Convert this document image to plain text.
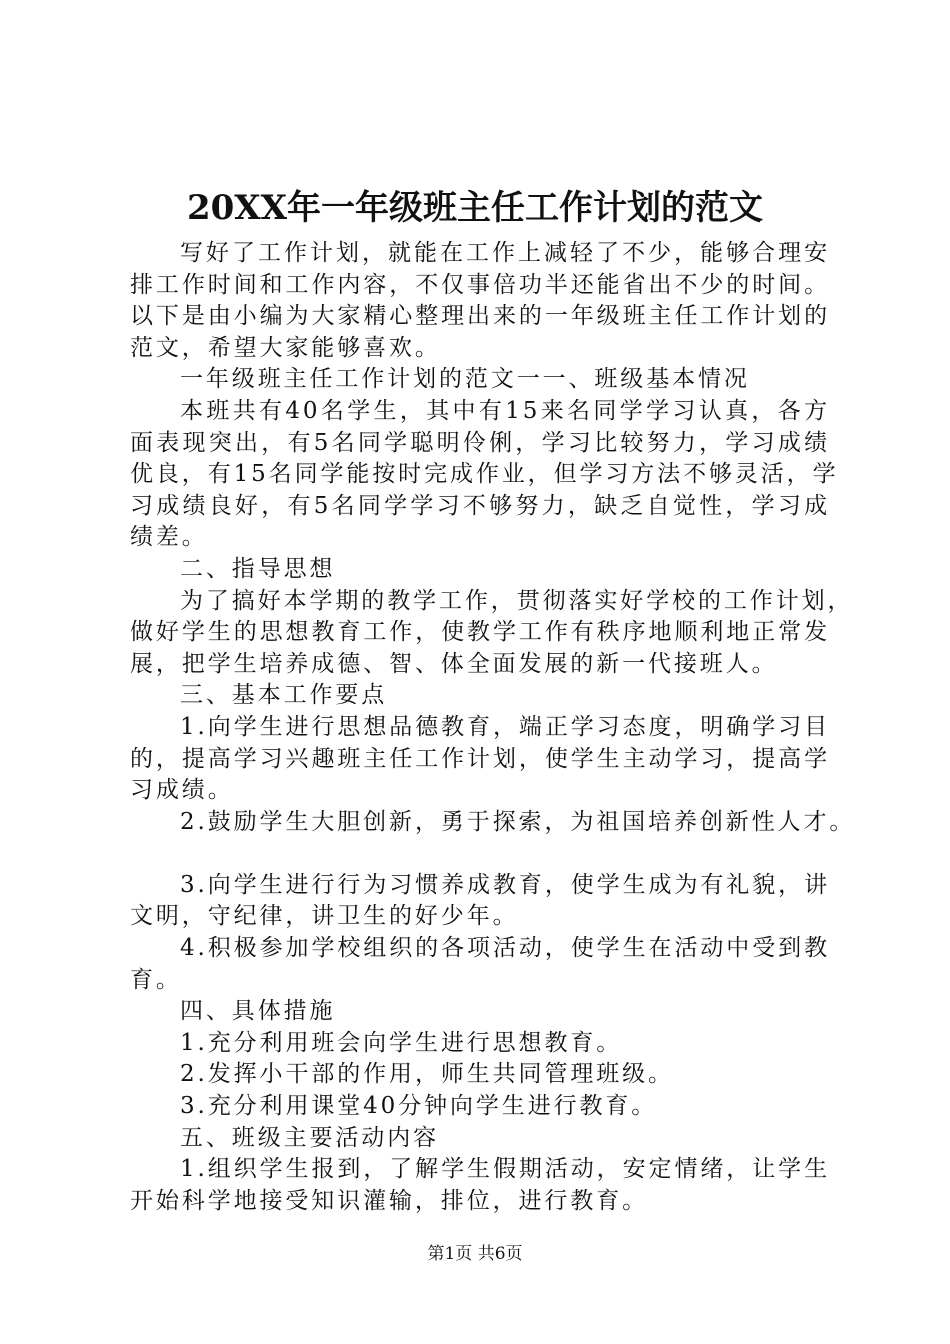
20XX年一年级班主任工作计划的范文
写好了工作计划，就能在工作上减轻了不少，能够合理安
排工作时间和工作内容，不仅事倍功半还能省出不少的时间。
以下是由小编为大家精心整理出来的一年级班主任工作计划的
范文，希望大家能够喜欢。
一年级班主任工作计划的范文一一、班级基本情况
本班共有40名学生，其中有15来名同学学习认真，各方
面表现突出，有5名同学聪明伶俐，学习比较努力，学习成绩
优良，有15名同学能按时完成作业，但学习方法不够灵活，学
习成绩良好，有5名同学学习不够努力，缺乏自觉性，学习成
绩差。
二、指导思想
为了搞好本学期的教学工作，贯彻落实好学校的工作计划，
做好学生的思想教育工作，使教学工作有秩序地顺利地正常发
展，把学生培养成德、智、体全面发展的新一代接班人。
三、基本工作要点
1.向学生进行思想品德教育，端正学习态度，明确学习目
的，提高学习兴趣班主任工作计划，使学生主动学习，提高学
习成绩。
2.鼓励学生大胆创新，勇于探索，为祖国培养创新性人才。
3.向学生进行行为习惯养成教育，使学生成为有礼貌，讲
文明，守纪律，讲卫生的好少年。
4.积极参加学校组织的各项活动，使学生在活动中受到教
育。
四、具体措施
1.充分利用班会向学生进行思想教育。
2.发挥小干部的作用，师生共同管理班级。
3.充分利用课堂40分钟向学生进行教育。
五、班级主要活动内容
1.组织学生报到，了解学生假期活动，安定情绪，让学生
开始科学地接受知识灌输，排位，进行教育。
第1页 共6页
